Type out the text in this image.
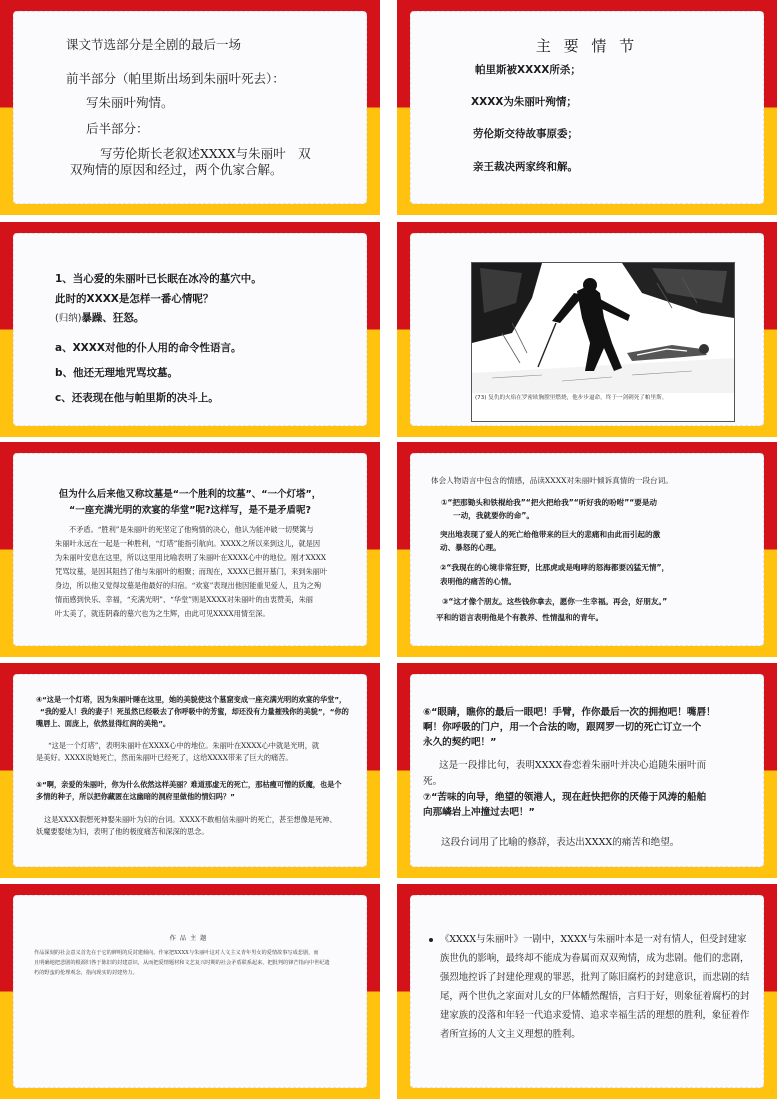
课文节选部分是全剧的最后一场
前半部分（帕里斯出场到朱丽叶死去）：
写朱丽叶殉情。
后半部分：
写劳伦斯长老叙述XXXX与朱丽叶　双
双殉情的原因和经过，两个仇家合解。
主 要 情 节
帕里斯被XXXX所杀；
XXXX为朱丽叶殉情；
劳伦斯交待故事原委；
亲王裁决两家终和解。
1、当心爱的朱丽叶已长眠在冰冷的墓穴中。
此时的XXXX是怎样一番心情呢？
(归纳)暴躁、狂怒。
a、XXXX对他的仆人用的命令性语言。
b、他还无理地咒骂坟墓。
c、还表现在他与帕里斯的决斗上。	(73) 复仇的火焰在罗密欧胸膛里燃烧，他步步逼命，终于一剑刺死了帕里斯。
但为什么后来他又称坟墓是“一个胜利的坟墓”、“一个灯塔”，
“一座充满光明的欢宴的华堂”呢?这样写，是不是矛盾呢?
不矛盾。“胜利”是朱丽叶的死坚定了他殉情的决心，他认为能冲破一切樊篱与
朱丽叶永远在一起是一种胜利，“灯塔”能指引航向。XXXX之所以来到这儿，就是因
为朱丽叶安息在这里，所以这里用比喻表明了朱丽叶在XXXX心中的地位。刚才XXXX
咒骂坟墓，是因其阻挡了他与朱丽叶的相聚；而现在，XXXX已掘开墓门，来到朱丽叶
身边，所以他又觉得坟墓是他最好的归宿。“欢宴”表现出他因能重见爱人，且为之殉
情而感到快乐、幸福，“充满光明”、“华堂”则是XXXX对朱丽叶的由衷赞美，朱丽
叶太美了，就连阴森的墓穴也为之生辉，由此可见XXXX用情至深。
体会人物语言中包含的情感，品读XXXX对朱丽叶倾诉真情的一段台词。
①“把那锄头和铁棍给我”“把火把给我”“听好我的吩咐”“要是动
一动，我就要你的命”。
突出地表现了爱人的死亡给他带来的巨大的悲痛和由此而引起的激
动、暴怒的心理。
②“我现在的心境非常狂野，比那虎或是咆哮的怒海都要凶猛无情”，
表明他的痛苦的心情。
③“这才像个朋友。这些钱你拿去，愿你一生幸福。再会，好朋友。”
平和的语言表明他是个有教养、性情温和的青年。
④“这是一个灯塔，因为朱丽叶睡在这里，她的美貌使这个墓窟变成一座充满光明的欢宴的华堂”，
“我的爱人！我的妻子！死虽然已经吸去了你呼吸中的芳蜜，却还没有力量摧残你的美貌”，“你的
嘴唇上、面庞上，依然显得红润的美艳”。
“这是一个灯塔”，表明朱丽叶在XXXX心中的地位。朱丽叶在XXXX心中就是光明，就
是美好。XXXX说她死亡，然而朱丽叶已经死了，这给XXXX带来了巨大的痛苦。
⑤“啊，亲爱的朱丽叶，你为什么依然这样美丽？难道那虚无的死亡，那枯瘦可憎的妖魔，也是个
多情的种子，所以把你藏匿在这幽暗的洞府里做他的情妇吗？”
这是XXXX假想死神娶朱丽叶为妇的台词。XXXX不敢相信朱丽叶的死亡，甚至想像是死神、
妖魔要娶她为妇，表明了他的极度痛苦和深深的思念。
⑥“眼睛，瞧你的最后一眼吧！手臂，作你最后一次的拥抱吧！嘴唇！
啊！你呼吸的门户，用一个合法的吻，跟网罗一切的死亡订立一个
永久的契约吧！”
这是一段排比句，表明XXXX眷恋着朱丽叶并决心追随朱丽叶而
死。
⑦“苦味的向导，绝望的领港人，现在赶快把你的厌倦于风涛的船舶
向那嶙岩上冲撞过去吧！”
这段台词用了比喻的修辞，表达出XXXX的痛苦和绝望。
作品主题
作品深刻的社会意义首先在于它的鲜明的反封建倾向。作家把XXXX与朱丽叶这对人文主义青年男女的爱情故事写成悲剧，而
且明确地把悲剧的根源归咎于陈旧的封建意识，从而把爱情题材和文艺复兴时期的社会矛盾联系起来，把批判的锋芒指向中世纪遗
朽的野蛮的伦理观念，指向现实的封建势力。
《XXXX与朱丽叶》一剧中，XXXX与朱丽叶本是一对有情人，但受封建家
族世仇的影响，最终却不能成为眷属而双双殉情，成为悲剧。他们的悲剧，
强烈地控诉了封建伦理观的罪恶，批判了陈旧腐朽的封建意识，而悲剧的结
尾，两个世仇之家面对儿女的尸体幡然醒悟，言归于好，则象征着腐朽的封
建家族的没落和年轻一代追求爱情、追求幸福生活的理想的胜利，象征着作
者所宣扬的人文主义理想的胜利。
